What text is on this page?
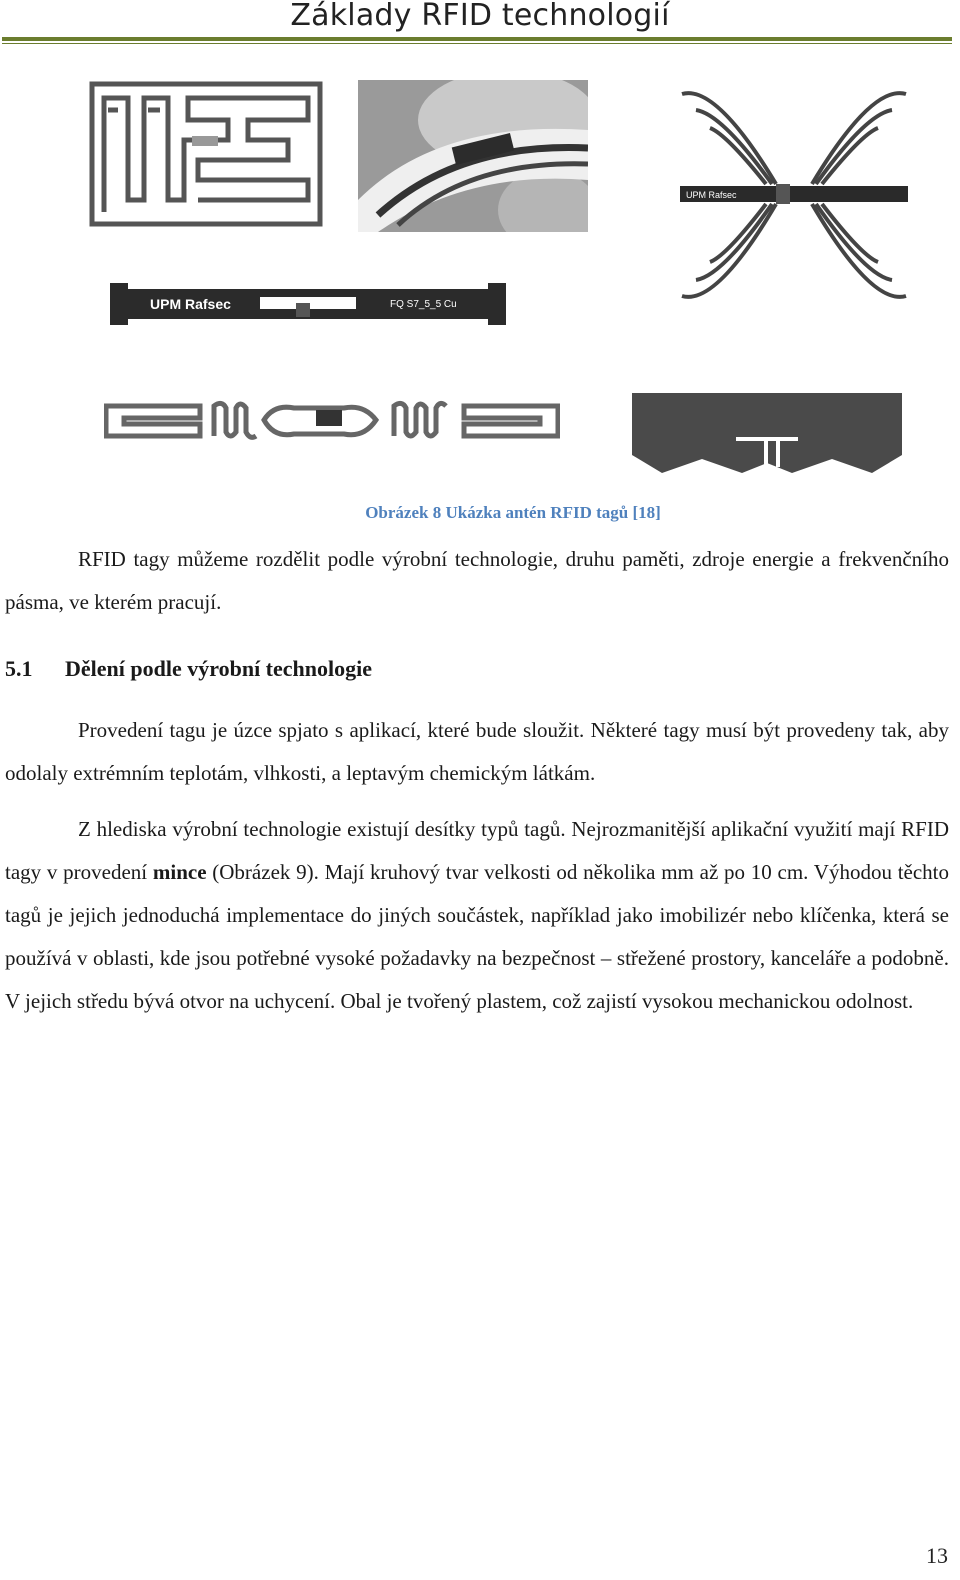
Základy RFID technologií
UPM Rafsec
UPM Rafsec	FQ S7_5_5 Cu
Obrázek 8 Ukázka antén RFID tagů [18]
RFID tagy můžeme rozdělit podle výrobní technologie, druhu paměti, zdroje energie a frekvenčního pásma, ve kterém pracují.
5.1 Dělení podle výrobní technologie
Provedení tagu je úzce spjato s aplikací, které bude sloužit. Některé tagy musí být provedeny tak, aby odolaly extrémním teplotám, vlhkosti, a leptavým chemickým látkám.
Z hlediska výrobní technologie existují desítky typů tagů. Nejrozmanitější aplikační využití mají RFID tagy v provedení mince (Obrázek 9). Mají kruhový tvar velkosti od několika mm až po 10 cm. Výhodou těchto tagů je jejich jednoduchá implementace do jiných součástek, například jako imobilizér nebo klíčenka, která se používá v oblasti, kde jsou potřebné vysoké požadavky na bezpečnost – střežené prostory, kanceláře a podobně. V jejich středu bývá otvor na uchycení. Obal je tvořený plastem, což zajistí vysokou mechanickou odolnost.
13
